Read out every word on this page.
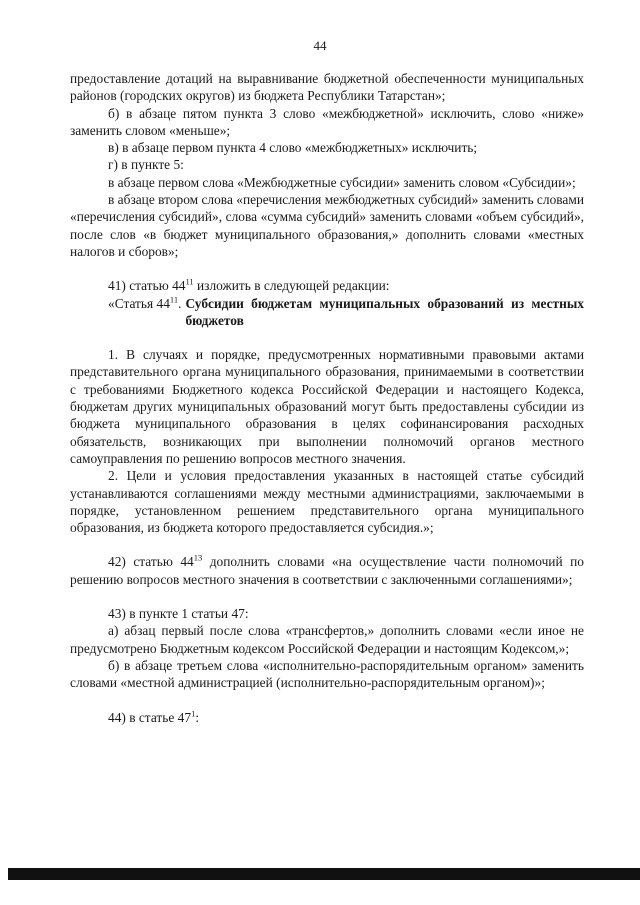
44

предоставление дотаций на выравнивание бюджетной обеспеченности муниципальных районов (городских округов) из бюджета Республики Татарстан»;

б) в абзаце пятом пункта 3 слово «межбюджетной» исключить, слово «ниже» заменить словом «меньше»;

в) в абзаце первом пункта 4 слово «межбюджетных» исключить;

г) в пункте 5:

в абзаце первом слова «Межбюджетные субсидии» заменить словом «Субсидии»;

в абзаце втором слова «перечисления межбюджетных субсидий» заменить словами «перечисления субсидий», слова «сумма субсидий» заменить словами «объем субсидий», после слов «в бюджет муниципального образования,» дополнить словами «местных налогов и сборов»;

41) статью $44^{11}$ изложить в следующей редакции:

«Статья $44^{11}$. Субсидии бюджетам муниципальных образований из местных бюджетов

1. В случаях и порядке, предусмотренных нормативными правовыми актами представительного органа муниципального образования, принимаемыми в соответствии с требованиями Бюджетного кодекса Российской Федерации и настоящего Кодекса, бюджетам других муниципальных образований могут быть предоставлены субсидии из бюджета муниципального образования в целях софинансирования расходных обязательств, возникающих при выполнении полномочий органов местного самоуправления по решению вопросов местного значения.

2. Цели и условия предоставления указанных в настоящей статье субсидий устанавливаются соглашениями между местными администрациями, заключаемыми в порядке, установленном решением представительного органа муниципального образования, из бюджета которого предоставляется субсидия.»;

42) статью $44^{13}$ дополнить словами «на осуществление части полномочий по решению вопросов местного значения в соответствии с заключенными соглашениями»;

43) в пункте 1 статьи 47:

а) абзац первый после слова «трансфертов,» дополнить словами «если иное не предусмотрено Бюджетным кодексом Российской Федерации и настоящим Кодексом,»;

б) в абзаце третьем слова «исполнительно-распорядительным органом» заменить словами «местной администрацией (исполнительно-распорядительным органом)»;

44) в статье $47^1$:
